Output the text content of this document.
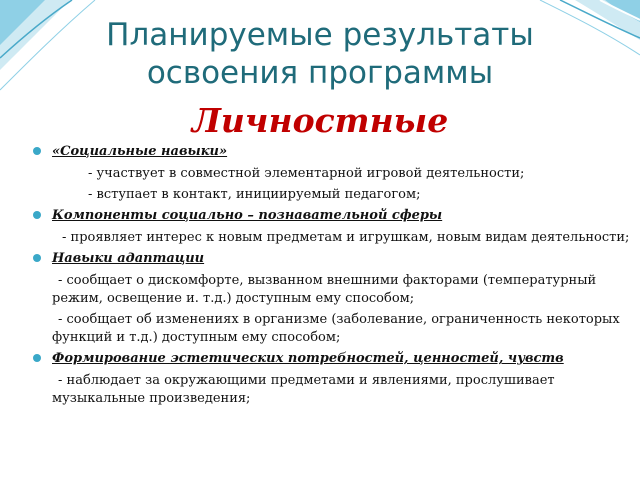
Планируемые результаты
освоения программы
Личностные
«Социальные навыки»
- участвует в совместной элементарной игровой деятельности;
- вступает в контакт, инициируемый педагогом;
Компоненты социально – познавательной сферы
- проявляет интерес к новым предметам и игрушкам, новым видам деятельности;
Навыки адаптации
- сообщает о дискомфорте, вызванном внешними факторами (температурный режим, освещение и. т.д.) доступным ему способом;
- сообщает об изменениях в организме (заболевание, ограниченность некоторых функций и т.д.) доступным ему способом;
Формирование эстетических потребностей, ценностей, чувств
- наблюдает за окружающими предметами и явлениями, прослушивает музыкальные произведения;
